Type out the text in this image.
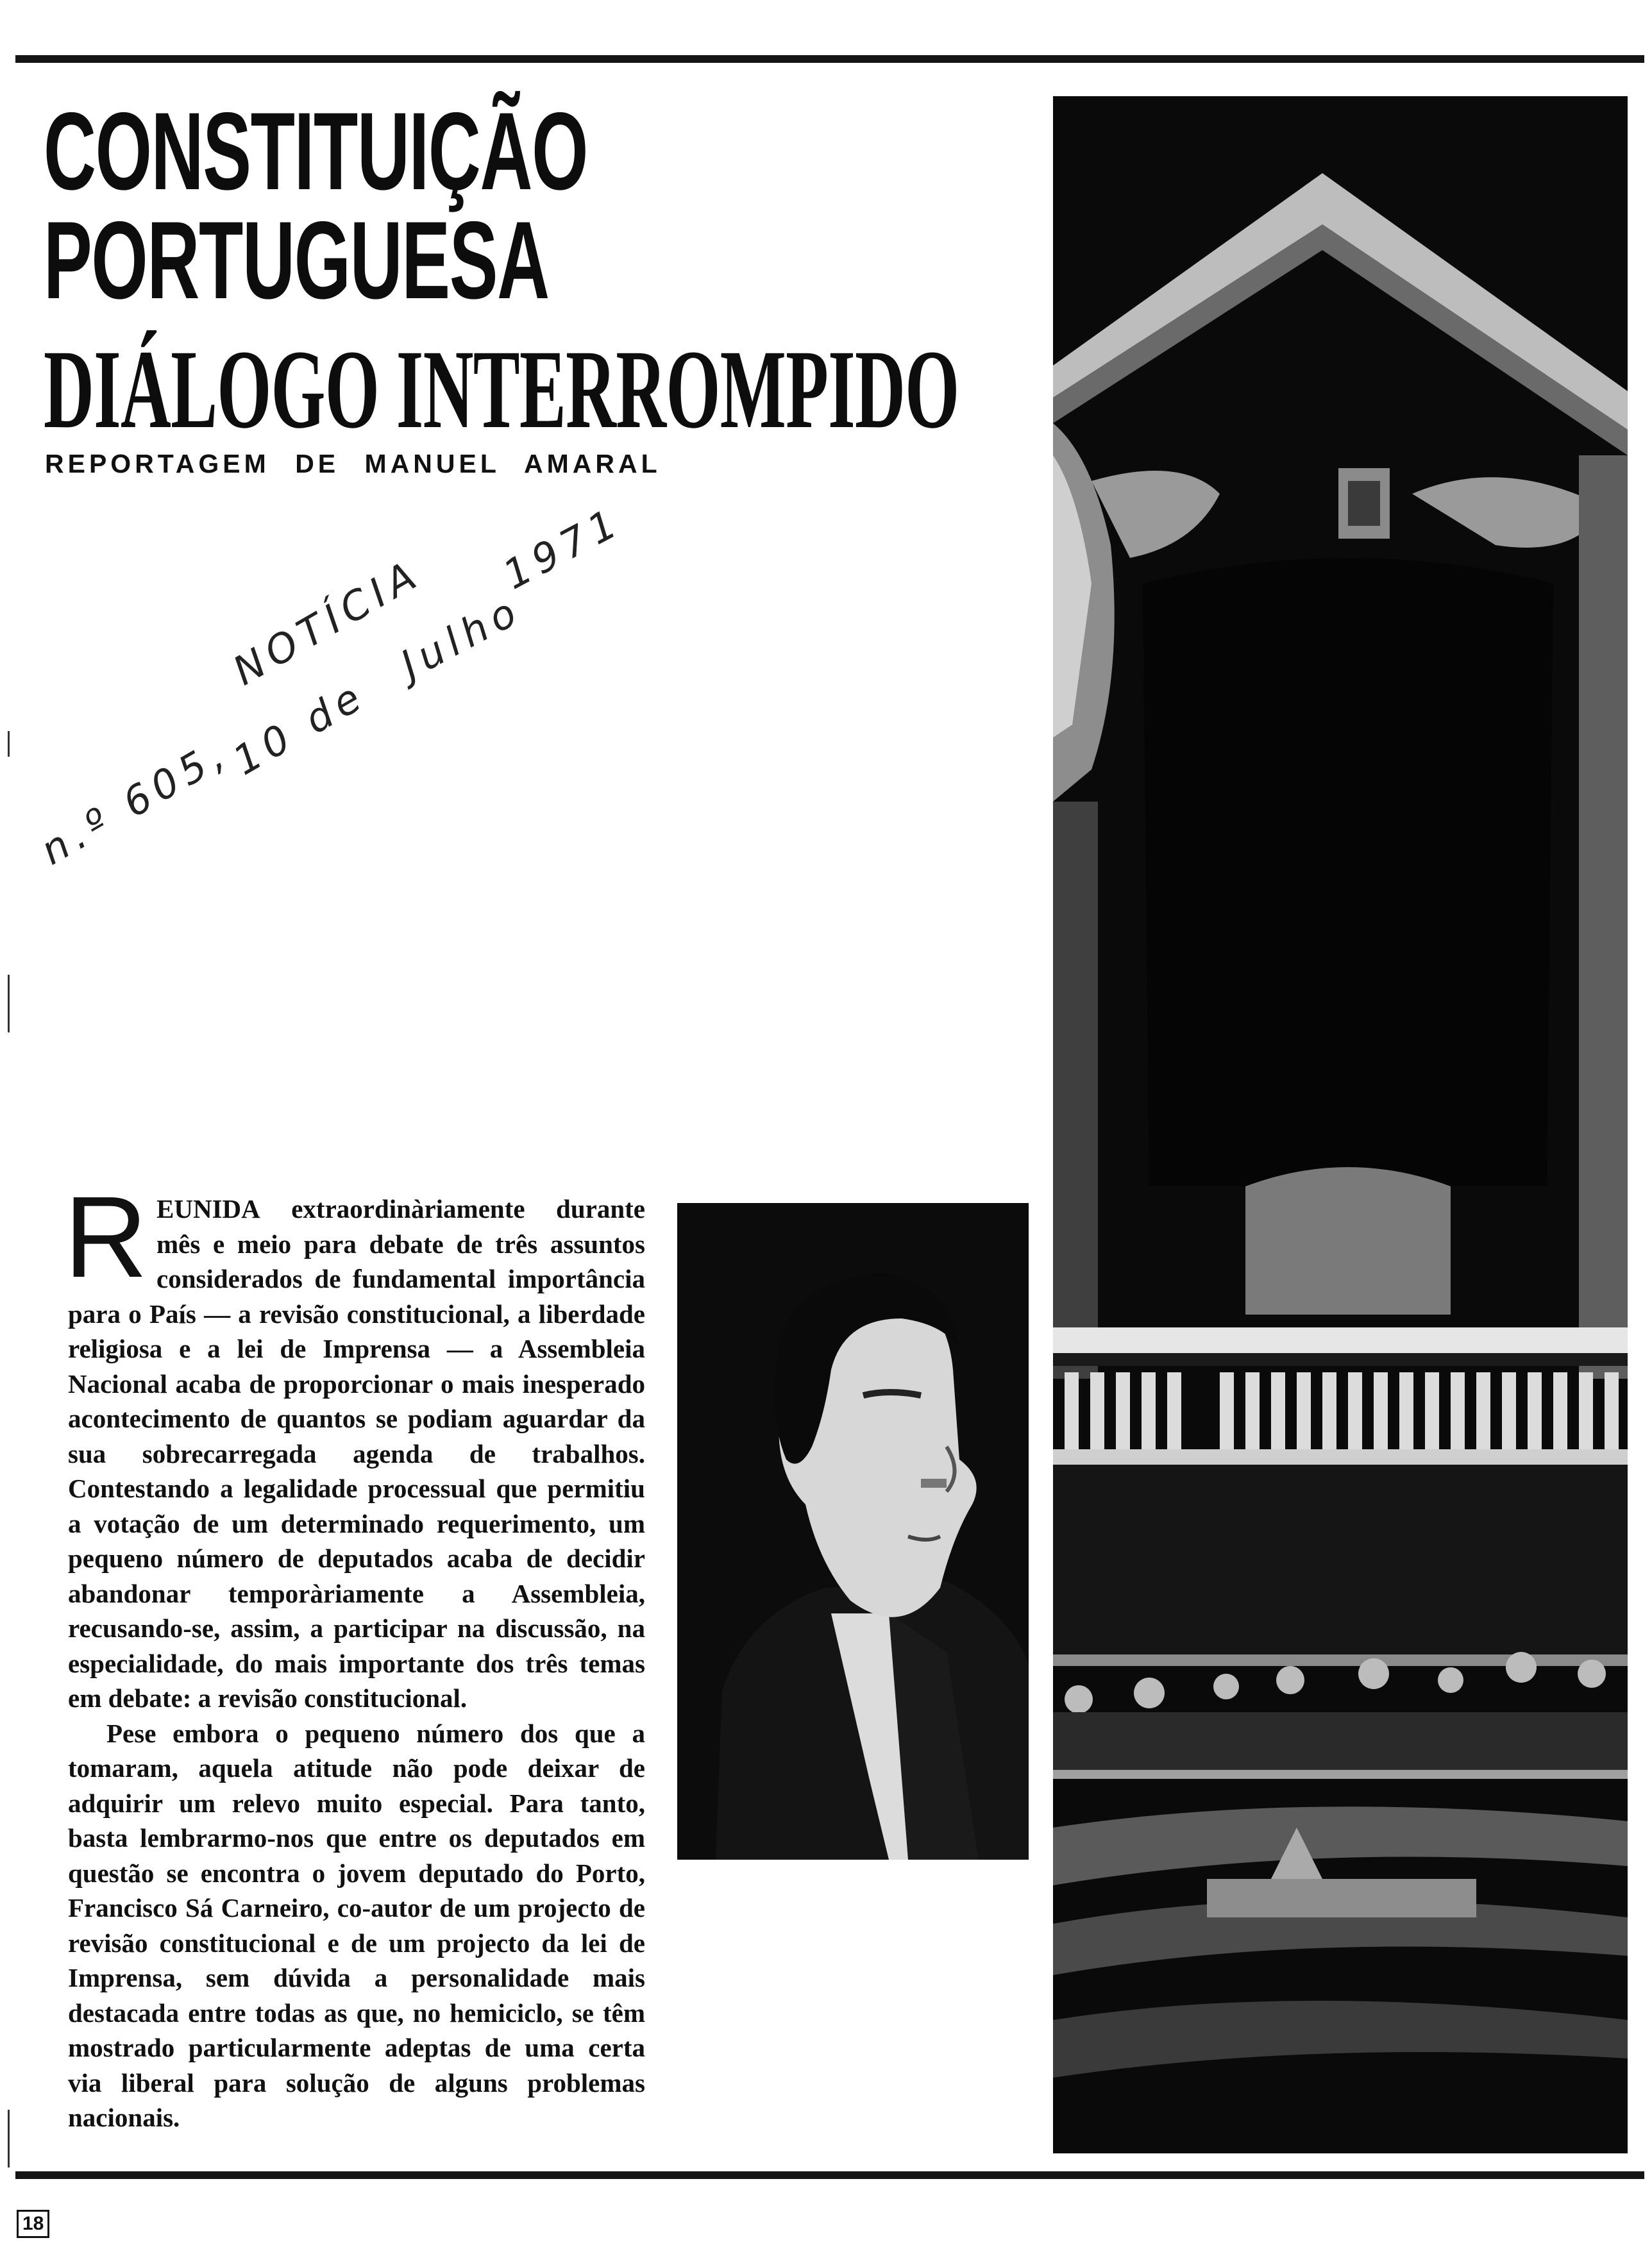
CONSTITUIÇÃO
PORTUGUESA
DIÁLOGO INTERROMPIDO
REPORTAGEM DE MANUEL AMARAL
1971
NOTÍCIA
Julho
10 de
n.º 605,

REUNIDA extraordinàriamente durante mês e meio para debate de três assuntos considerados de fundamental importância para o País — a revisão constitucional, a liberdade religiosa e a lei de Imprensa — a Assembleia Nacional acaba de proporcionar o mais inesperado acontecimento de quantos se podiam aguardar da sua sobrecarregada agenda de trabalhos. Contestando a legalidade processual que permitiu a votação de um determinado requerimento, um pequeno número de deputados acaba de decidir abandonar temporàriamente a Assembleia, recusando-se, assim, a participar na discussão, na especialidade, do mais importante dos três temas em debate: a revisão constitucional.

Pese embora o pequeno número dos que a tomaram, aquela atitude não pode deixar de adquirir um relevo muito especial. Para tanto, basta lembrarmo-nos que entre os deputados em questão se encontra o jovem deputado do Porto, Francisco Sá Carneiro, co-autor de um projecto de revisão constitucional e de um projecto da lei de Imprensa, sem dúvida a personalidade mais destacada entre todas as que, no hemiciclo, se têm mostrado particularmente adeptas de uma certa via liberal para solução de alguns problemas nacionais.

18
